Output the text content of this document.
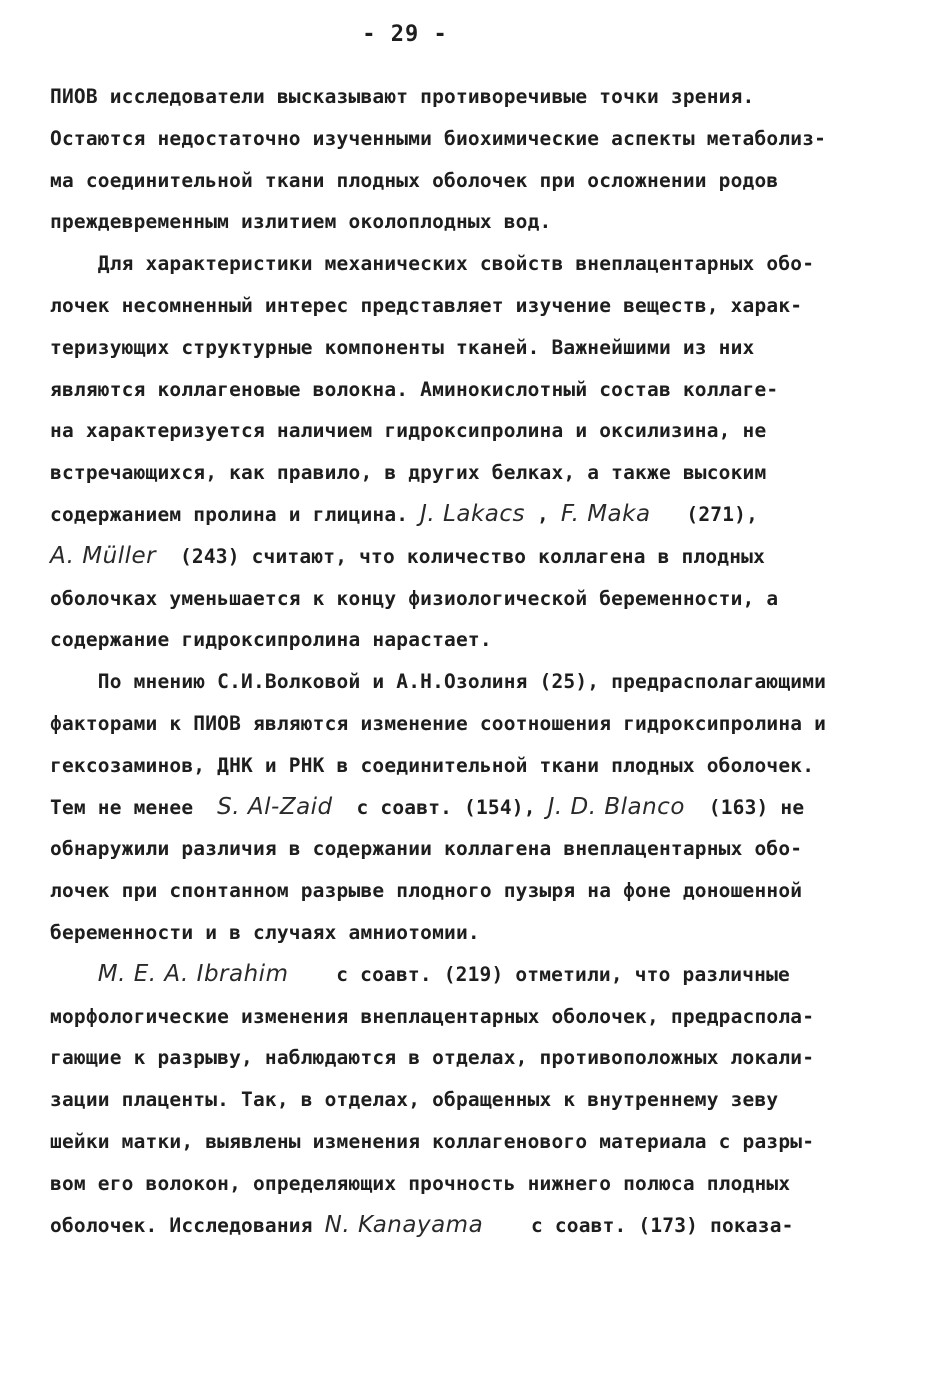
- 29 -
ПИОВ исследователи высказывают противоречивые точки зрения.
Остаются недостаточно изученными биохимические аспекты метаболиз-
ма соединительной ткани плодных оболочек при осложнении родов
преждевременным излитием околоплодных вод.
Для характеристики механических свойств внеплацентарных обо-
лочек несомненный интерес представляет изучение веществ, харак-
теризующих структурные компоненты тканей. Важнейшими из них
являются коллагеновые волокна. Аминокислотный состав коллаге-
на характеризуется наличием гидроксипролина и оксилизина, не
встречающихся, как правило, в других белках, а также высоким
содержанием пролина и глицина. J. Lakacs , F. Maka   (271),
A. Müller  (243) считают, что количество коллагена в плодных
оболочках уменьшается к концу физиологической беременности, а
содержание гидроксипролина нарастает.
По мнению С.И.Волковой и А.Н.Озолиня (25), предрасполагающими
факторами к ПИОВ являются изменение соотношения гидроксипролина и
гексозаминов, ДНК и РНК в соединительной ткани плодных оболочек.
Тем не менее  S. Al-Zaid  с соавт. (154), J. D. Blanco  (163) не
обнаружили различия в содержании коллагена внеплацентарных обо-
лочек при спонтанном разрыве плодного пузыря на фоне доношенной
беременности и в случаях амниотомии.
M. E. A. Ibrahim    с соавт. (219) отметили, что различные
морфологические изменения внеплацентарных оболочек, предраспола-
гающие к разрыву, наблюдаются в отделах, противоположных локали-
зации плаценты. Так, в отделах, обращенных к внутреннему зеву
шейки матки, выявлены изменения коллагенового материала с разры-
вом его волокон, определяющих прочность нижнего полюса плодных
оболочек. Исследования N. Kanayama    с соавт. (173) показа-
